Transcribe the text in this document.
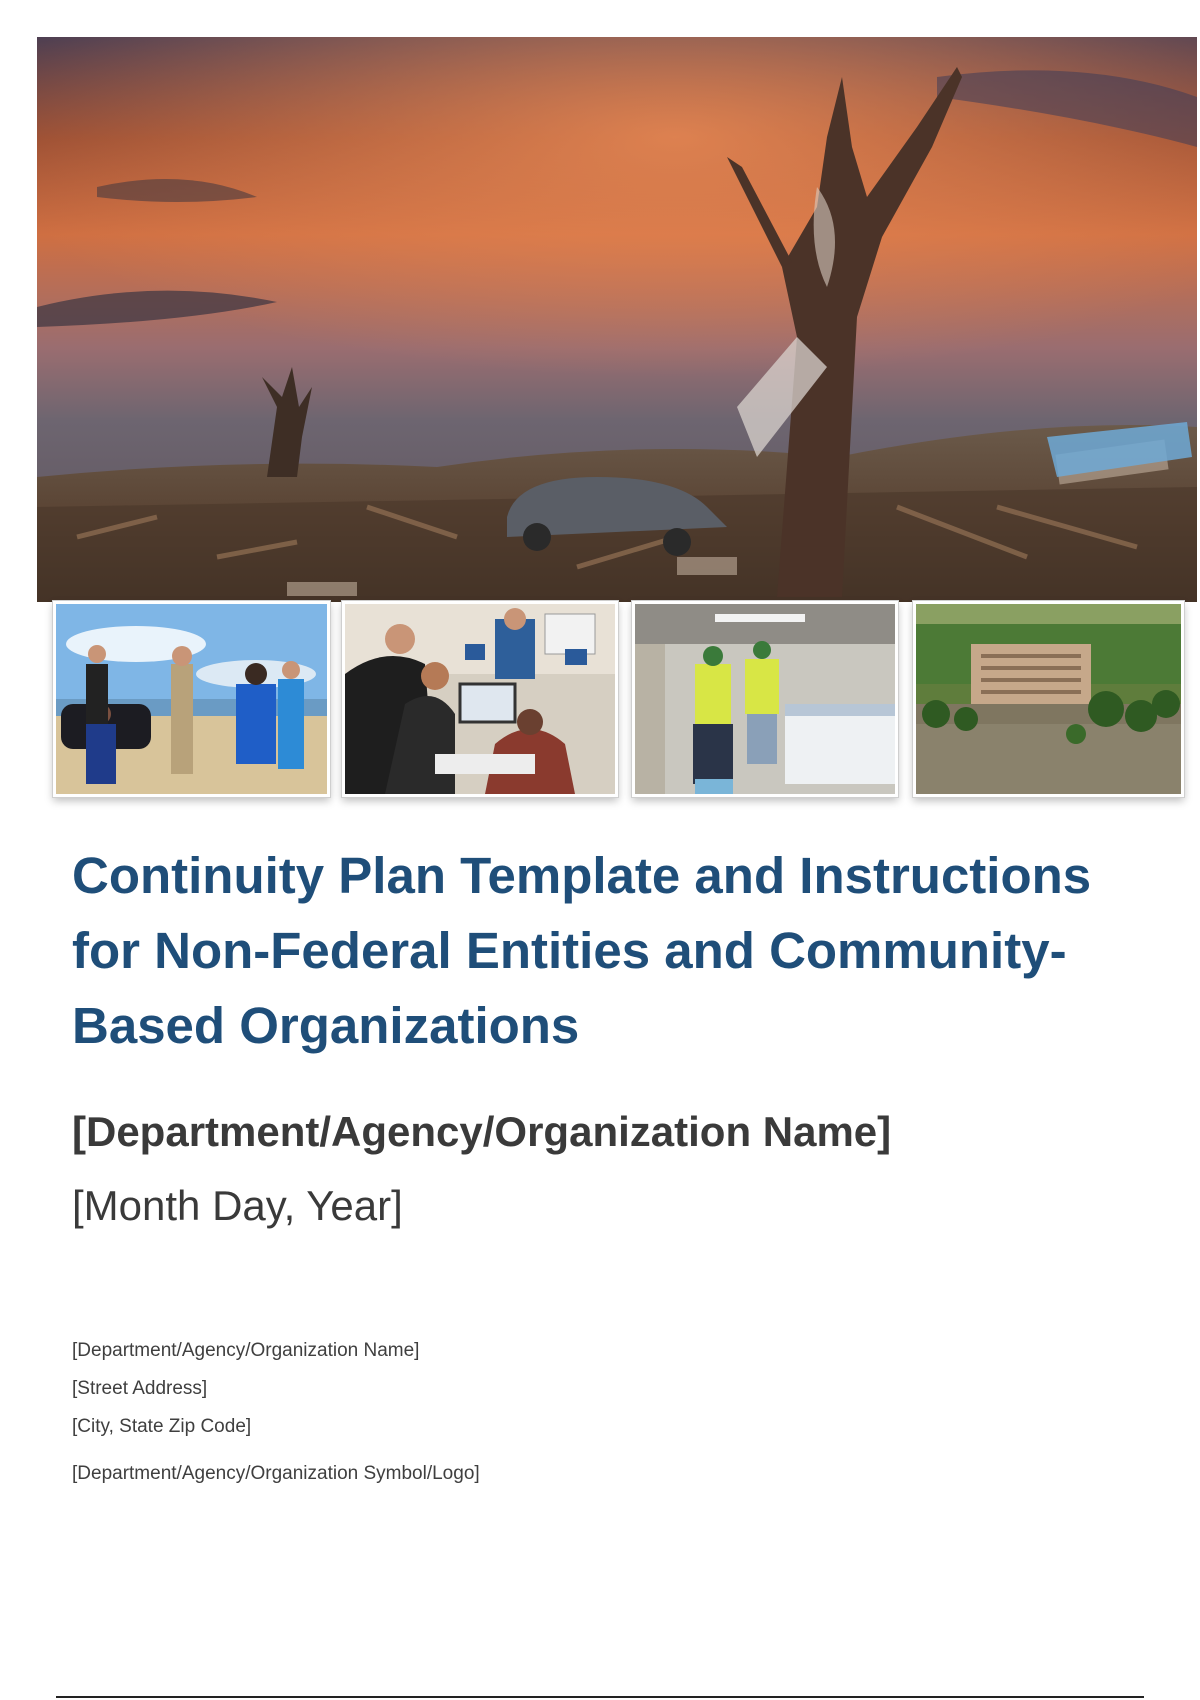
Continuity Plan Template and Instructions for Non-Federal Entities and Community-Based Organizations
[Department/Agency/Organization Name]
[Month Day, Year]
[Department/Agency/Organization Name]
[Street Address]
[City, State Zip Code]
[Department/Agency/Organization Symbol/Logo]
